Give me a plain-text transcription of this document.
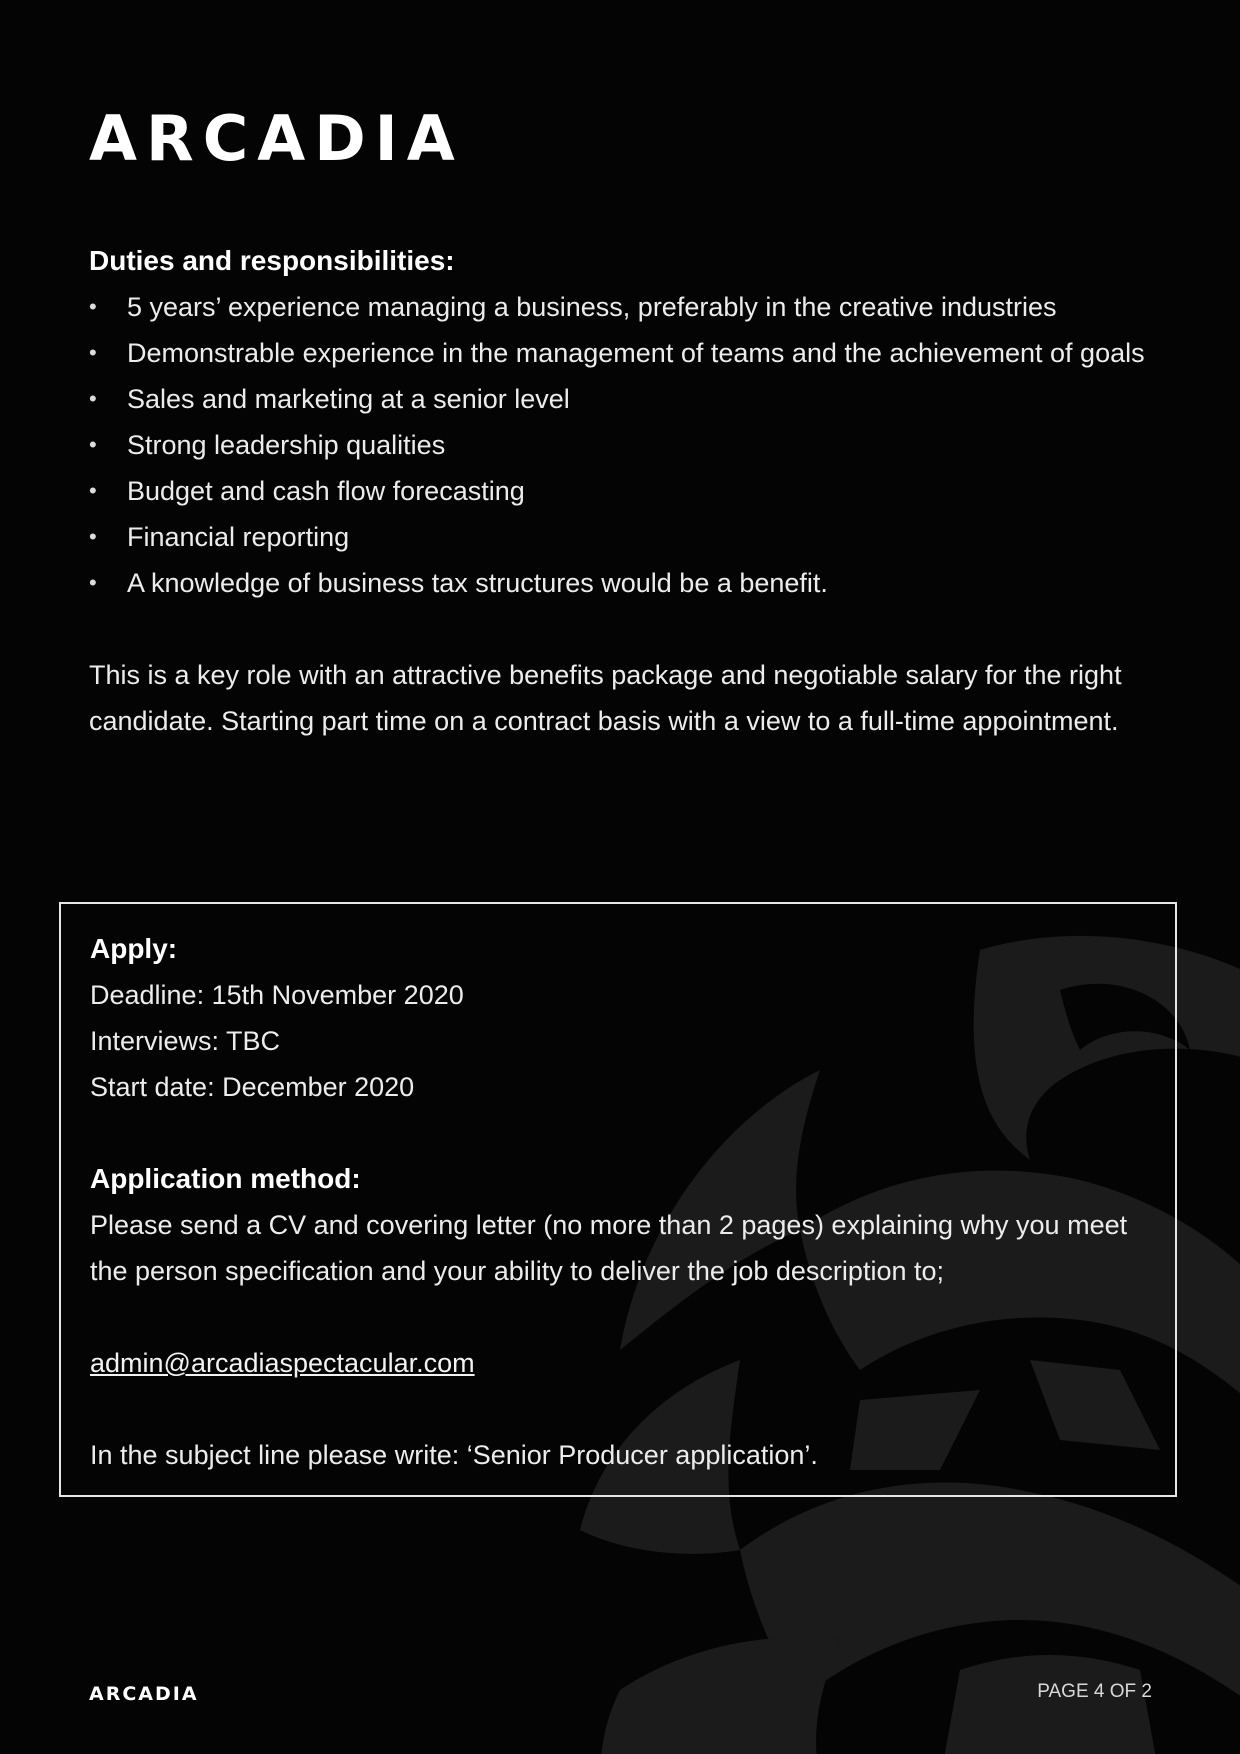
ARCADIA

Duties and responsibilities:

• 5 years’ experience managing a business, preferably in the creative industries
• Demonstrable experience in the management of teams and the achievement of goals
• Sales and marketing at a senior level
• Strong leadership qualities
• Budget and cash flow forecasting
• Financial reporting
• A knowledge of business tax structures would be a benefit.

This is a key role with an attractive benefits package and negotiable salary for the right candidate. Starting part time on a contract basis with a view to a full-time appointment.

Apply:

Deadline: 15th November 2020

Interviews: TBC

Start date: December 2020

Application method:

Please send a CV and covering letter (no more than 2 pages) explaining why you meet the person specification and your ability to deliver the job description to;

admin@arcadiaspectacular.com

In the subject line please write: ‘Senior Producer application’.

ARCADIA	PAGE 4 OF 2
